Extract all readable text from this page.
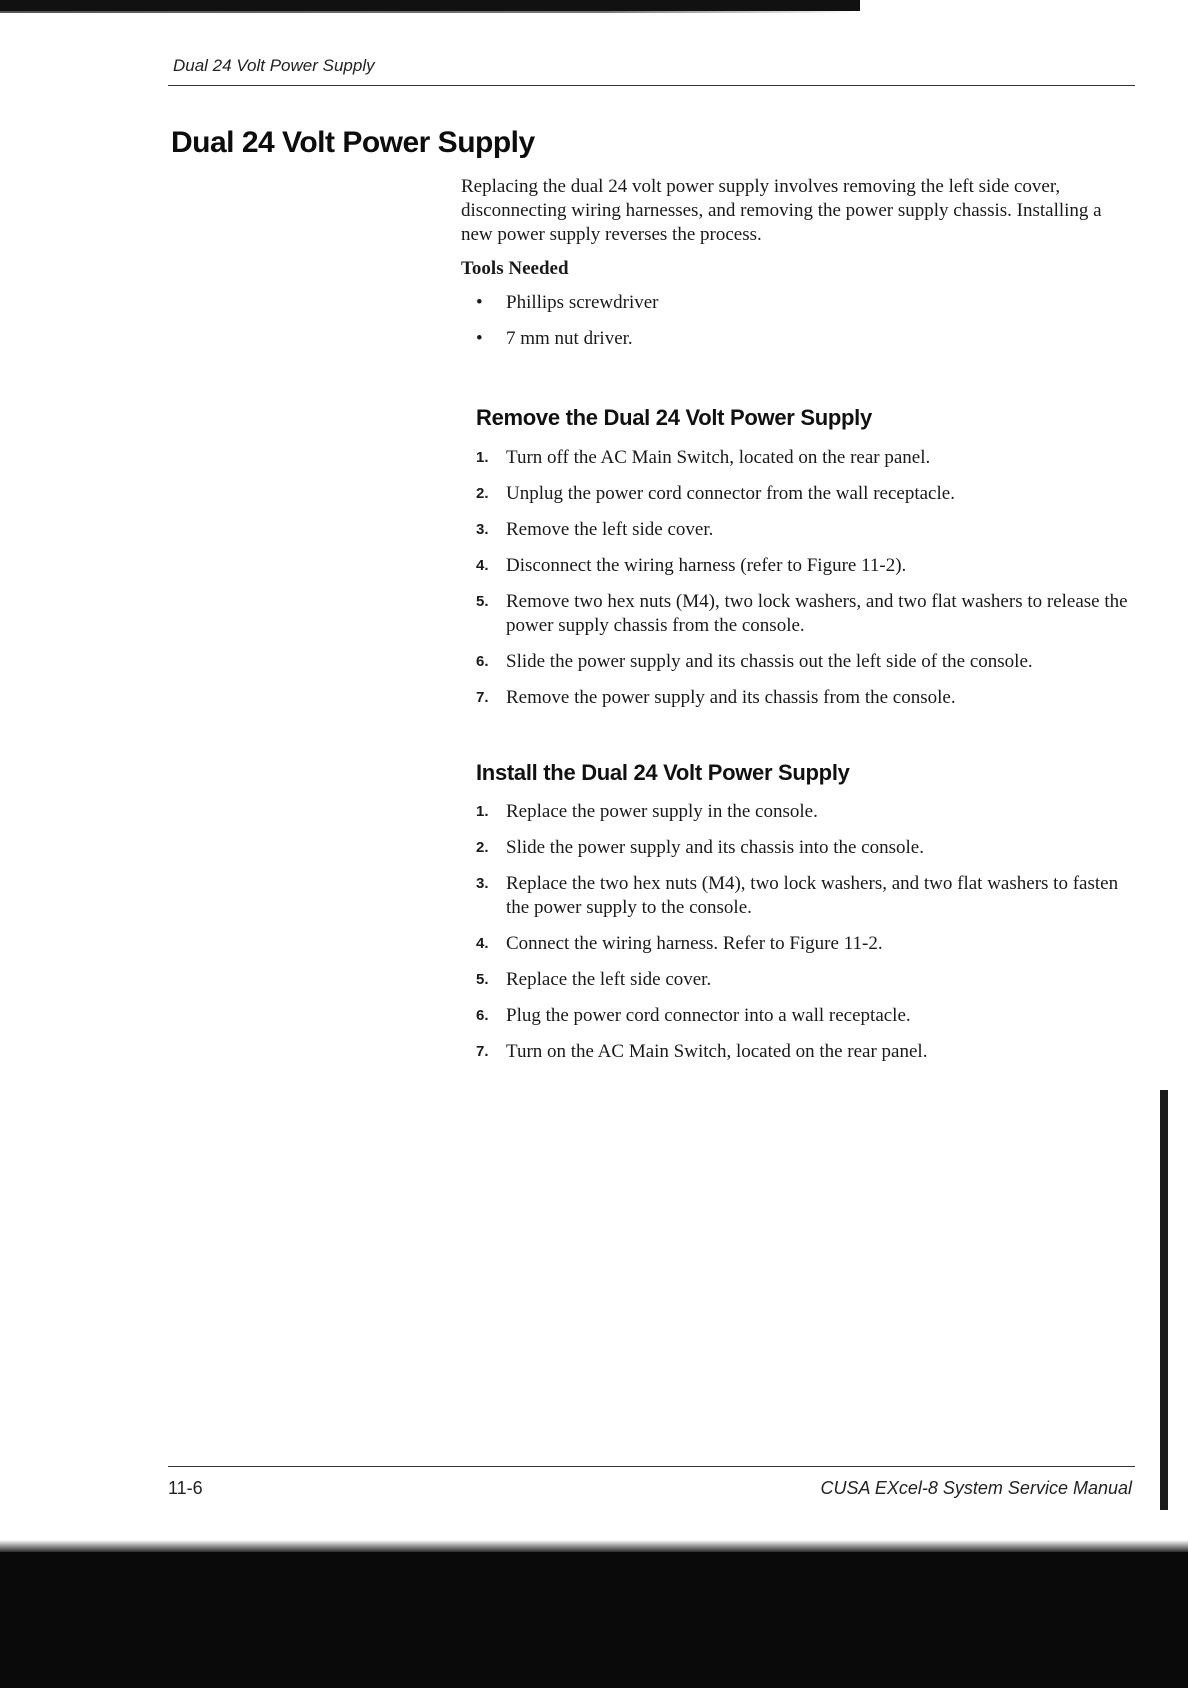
Dual 24 Volt Power Supply
Dual 24 Volt Power Supply

Replacing the dual 24 volt power supply involves removing the left side cover, disconnecting wiring harnesses, and removing the power supply chassis. Installing a new power supply reverses the process.

Tools Needed

• Phillips screwdriver
• 7 mm nut driver.
Remove the Dual 24 Volt Power Supply
1. Turn off the AC Main Switch, located on the rear panel.
2. Unplug the power cord connector from the wall receptacle.
3. Remove the left side cover.
4. Disconnect the wiring harness (refer to Figure 11-2).
5. Remove two hex nuts (M4), two lock washers, and two flat washers to release the power supply chassis from the console.
6. Slide the power supply and its chassis out the left side of the console.
7. Remove the power supply and its chassis from the console.
Install the Dual 24 Volt Power Supply
1. Replace the power supply in the console.
2. Slide the power supply and its chassis into the console.
3. Replace the two hex nuts (M4), two lock washers, and two flat washers to fasten the power supply to the console.
4. Connect the wiring harness. Refer to Figure 11-2.
5. Replace the left side cover.
6. Plug the power cord connector into a wall receptacle.
7. Turn on the AC Main Switch, located on the rear panel.
11-6	CUSA EXcel-8 System Service Manual
